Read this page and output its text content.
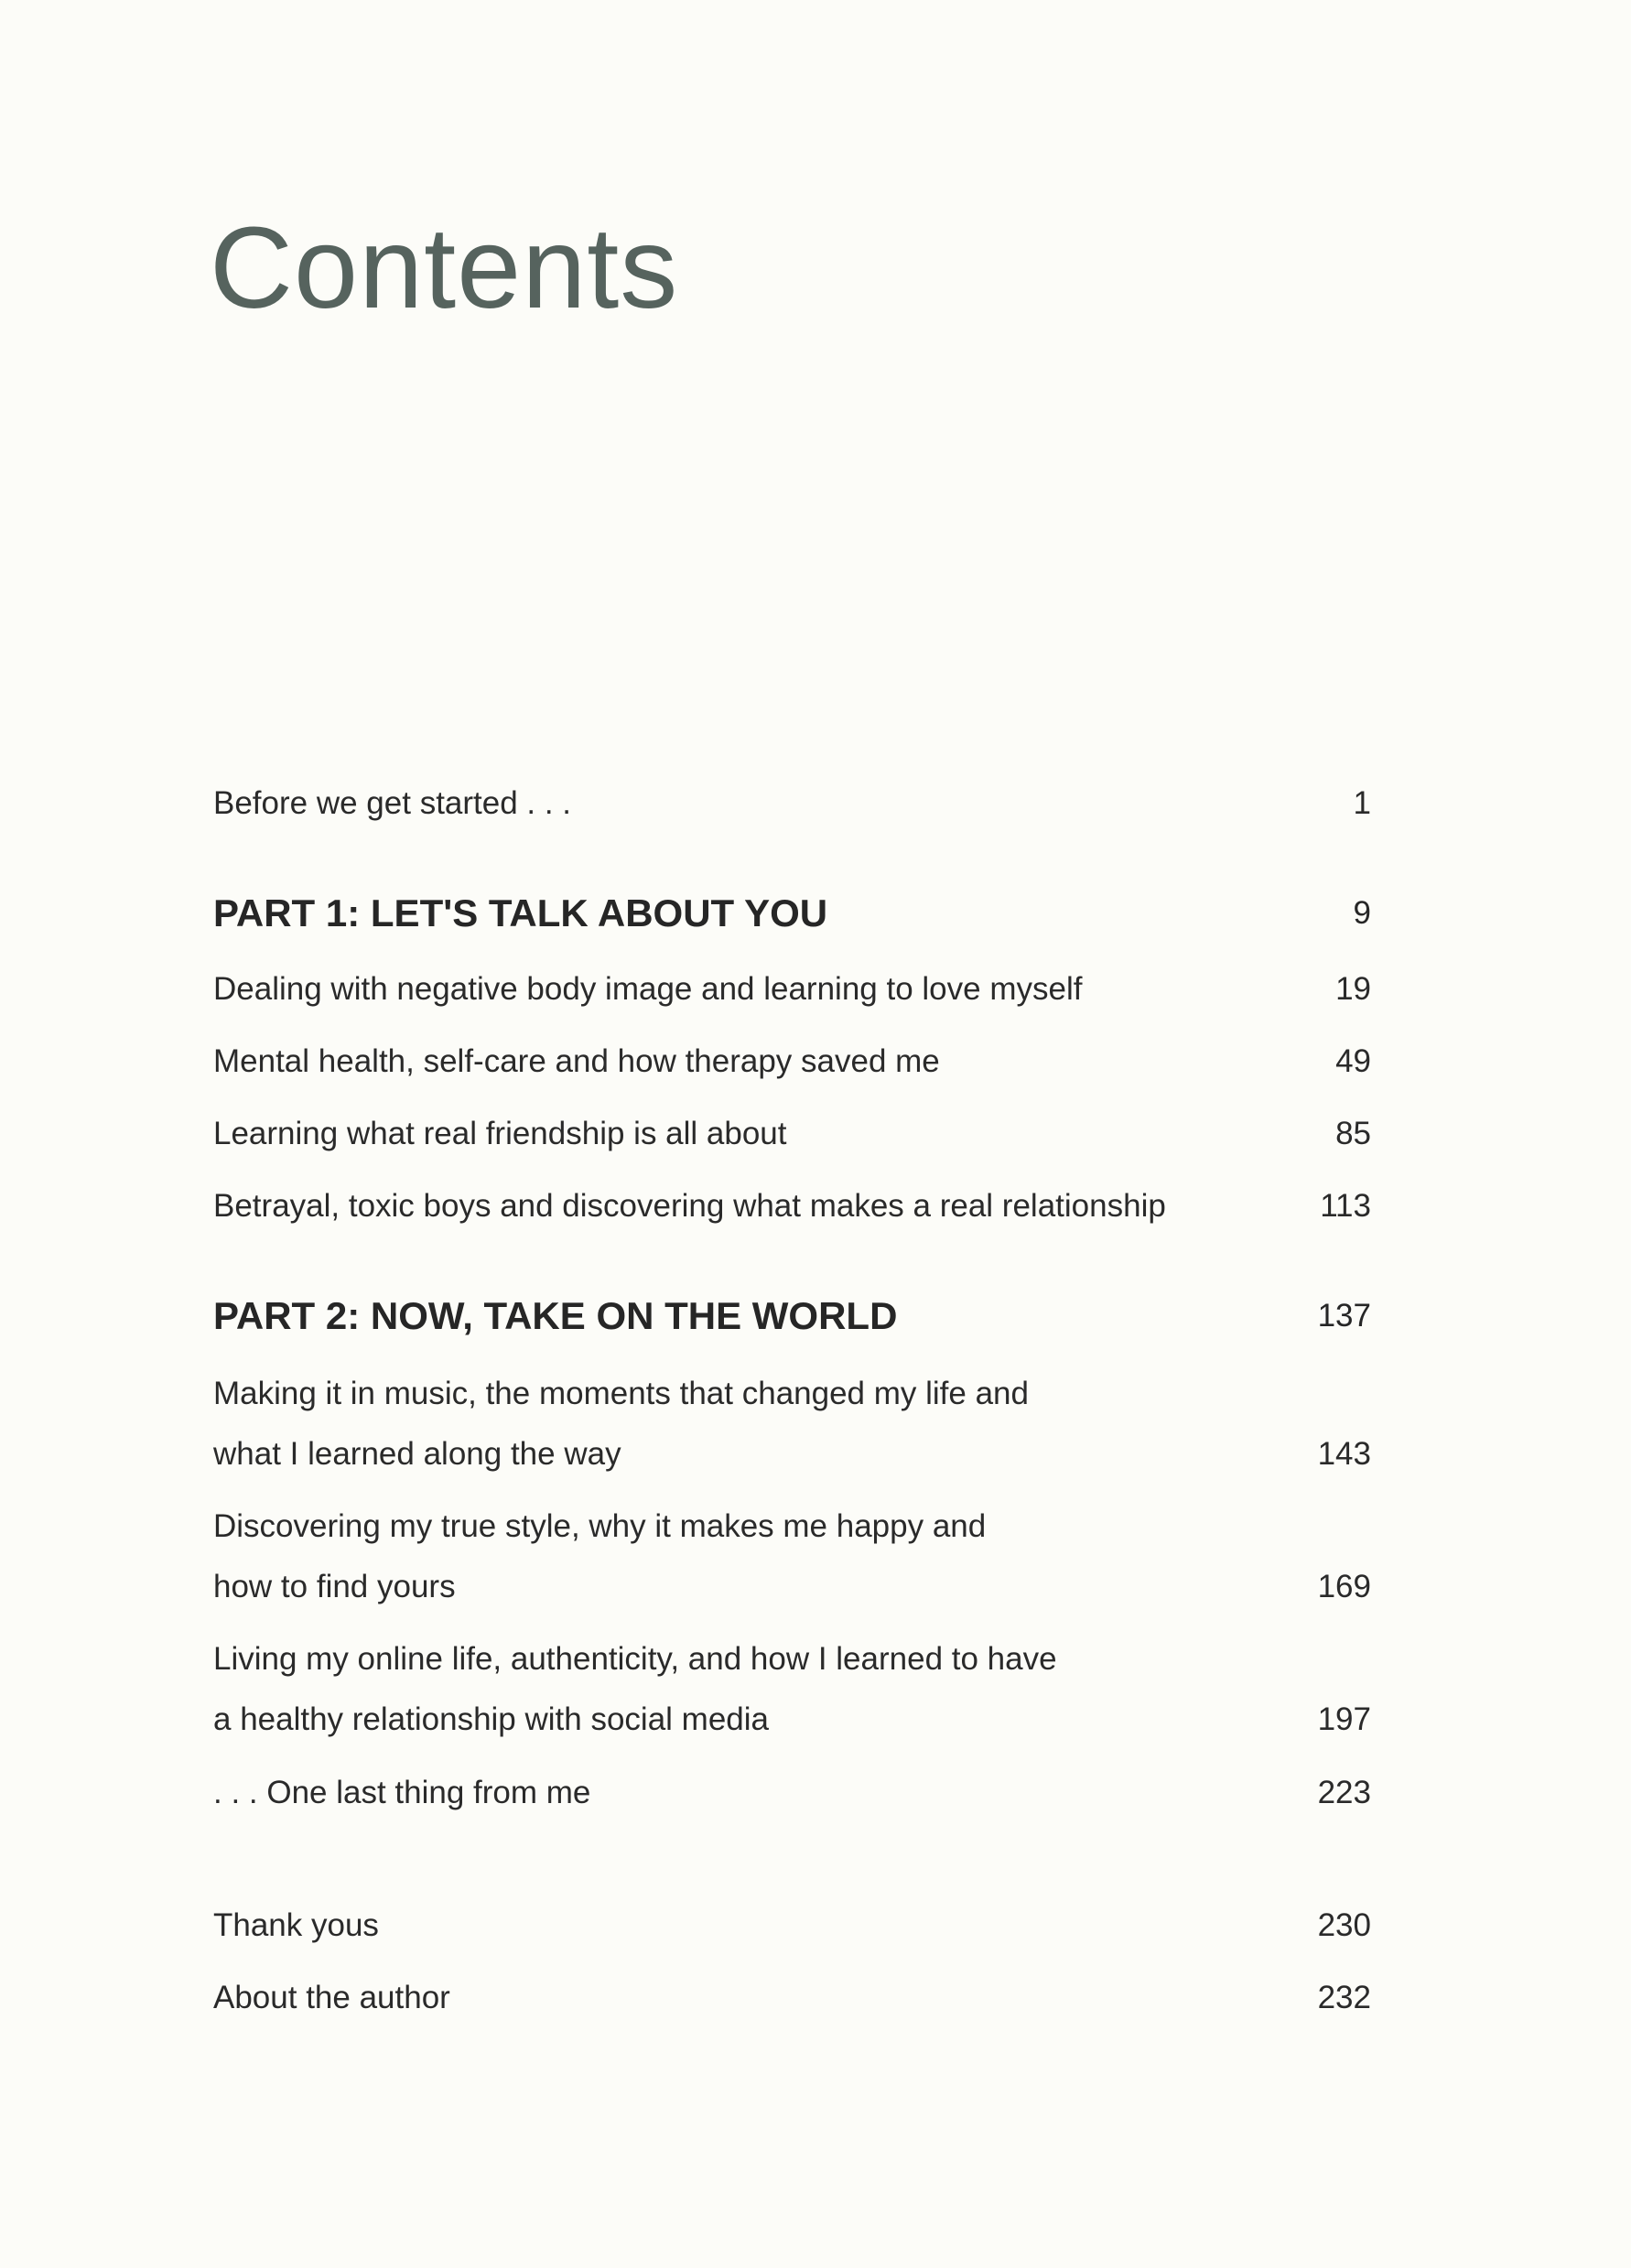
Contents
Before we get started . . .	1
PART 1: LET'S TALK ABOUT YOU	9
Dealing with negative body image and learning to love myself	19
Mental health, self-care and how therapy saved me	49
Learning what real friendship is all about	85
Betrayal, toxic boys and discovering what makes a real relationship	113
PART 2: NOW, TAKE ON THE WORLD	137
Making it in music, the moments that changed my life and
what I learned along the way	143
Discovering my true style, why it makes me happy and
how to find yours	169
Living my online life, authenticity, and how I learned to have
a healthy relationship with social media	197
. . . One last thing from me	223
Thank yous	230
About the author	232
